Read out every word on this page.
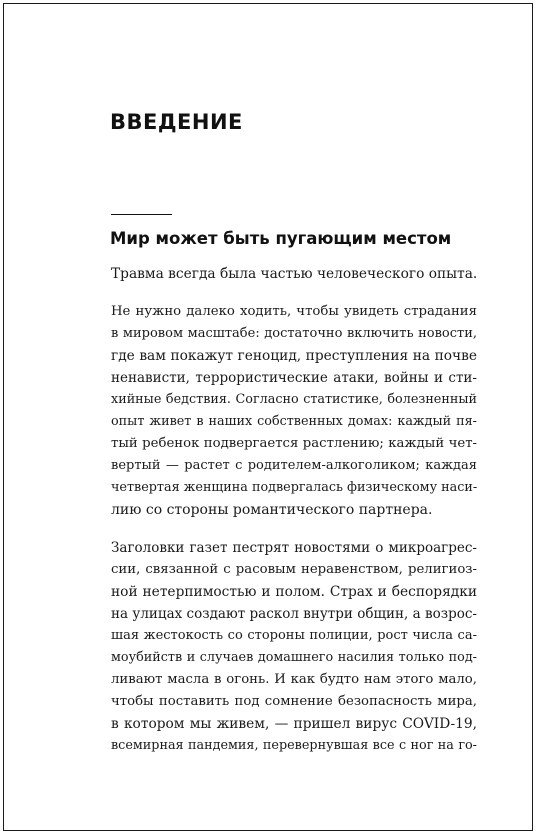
ВВЕДЕНИЕ
Мир может быть пугающим местом

Травма всегда была частью человеческого опыта.

Не нужно далеко ходить, чтобы увидеть страдания
в мировом масштабе: достаточно включить новости,
где вам покажут геноцид, преступления на почве
ненависти, террористические атаки, войны и сти-
хийные бедствия. Согласно статистике, болезненный
опыт живет в наших собственных домах: каждый пя-
тый ребенок подвергается растлению; каждый чет-
вертый — растет с родителем-алкоголиком; каждая
четвертая женщина подвергалась физическому наси-
лию со стороны романтического партнера.

Заголовки газет пестрят новостями о микроагрес-
сии, связанной с расовым неравенством, религиоз-
ной нетерпимостью и полом. Страх и беспорядки
на улицах создают раскол внутри общин, а возрос-
шая жестокость со стороны полиции, рост числа са-
моубийств и случаев домашнего насилия только под-
ливают масла в огонь. И как будто нам этого мало,
чтобы поставить под сомнение безопасность мира,
в котором мы живем, — пришел вирус COVID-19,
всемирная пандемия, перевернувшая все с ног на го-
